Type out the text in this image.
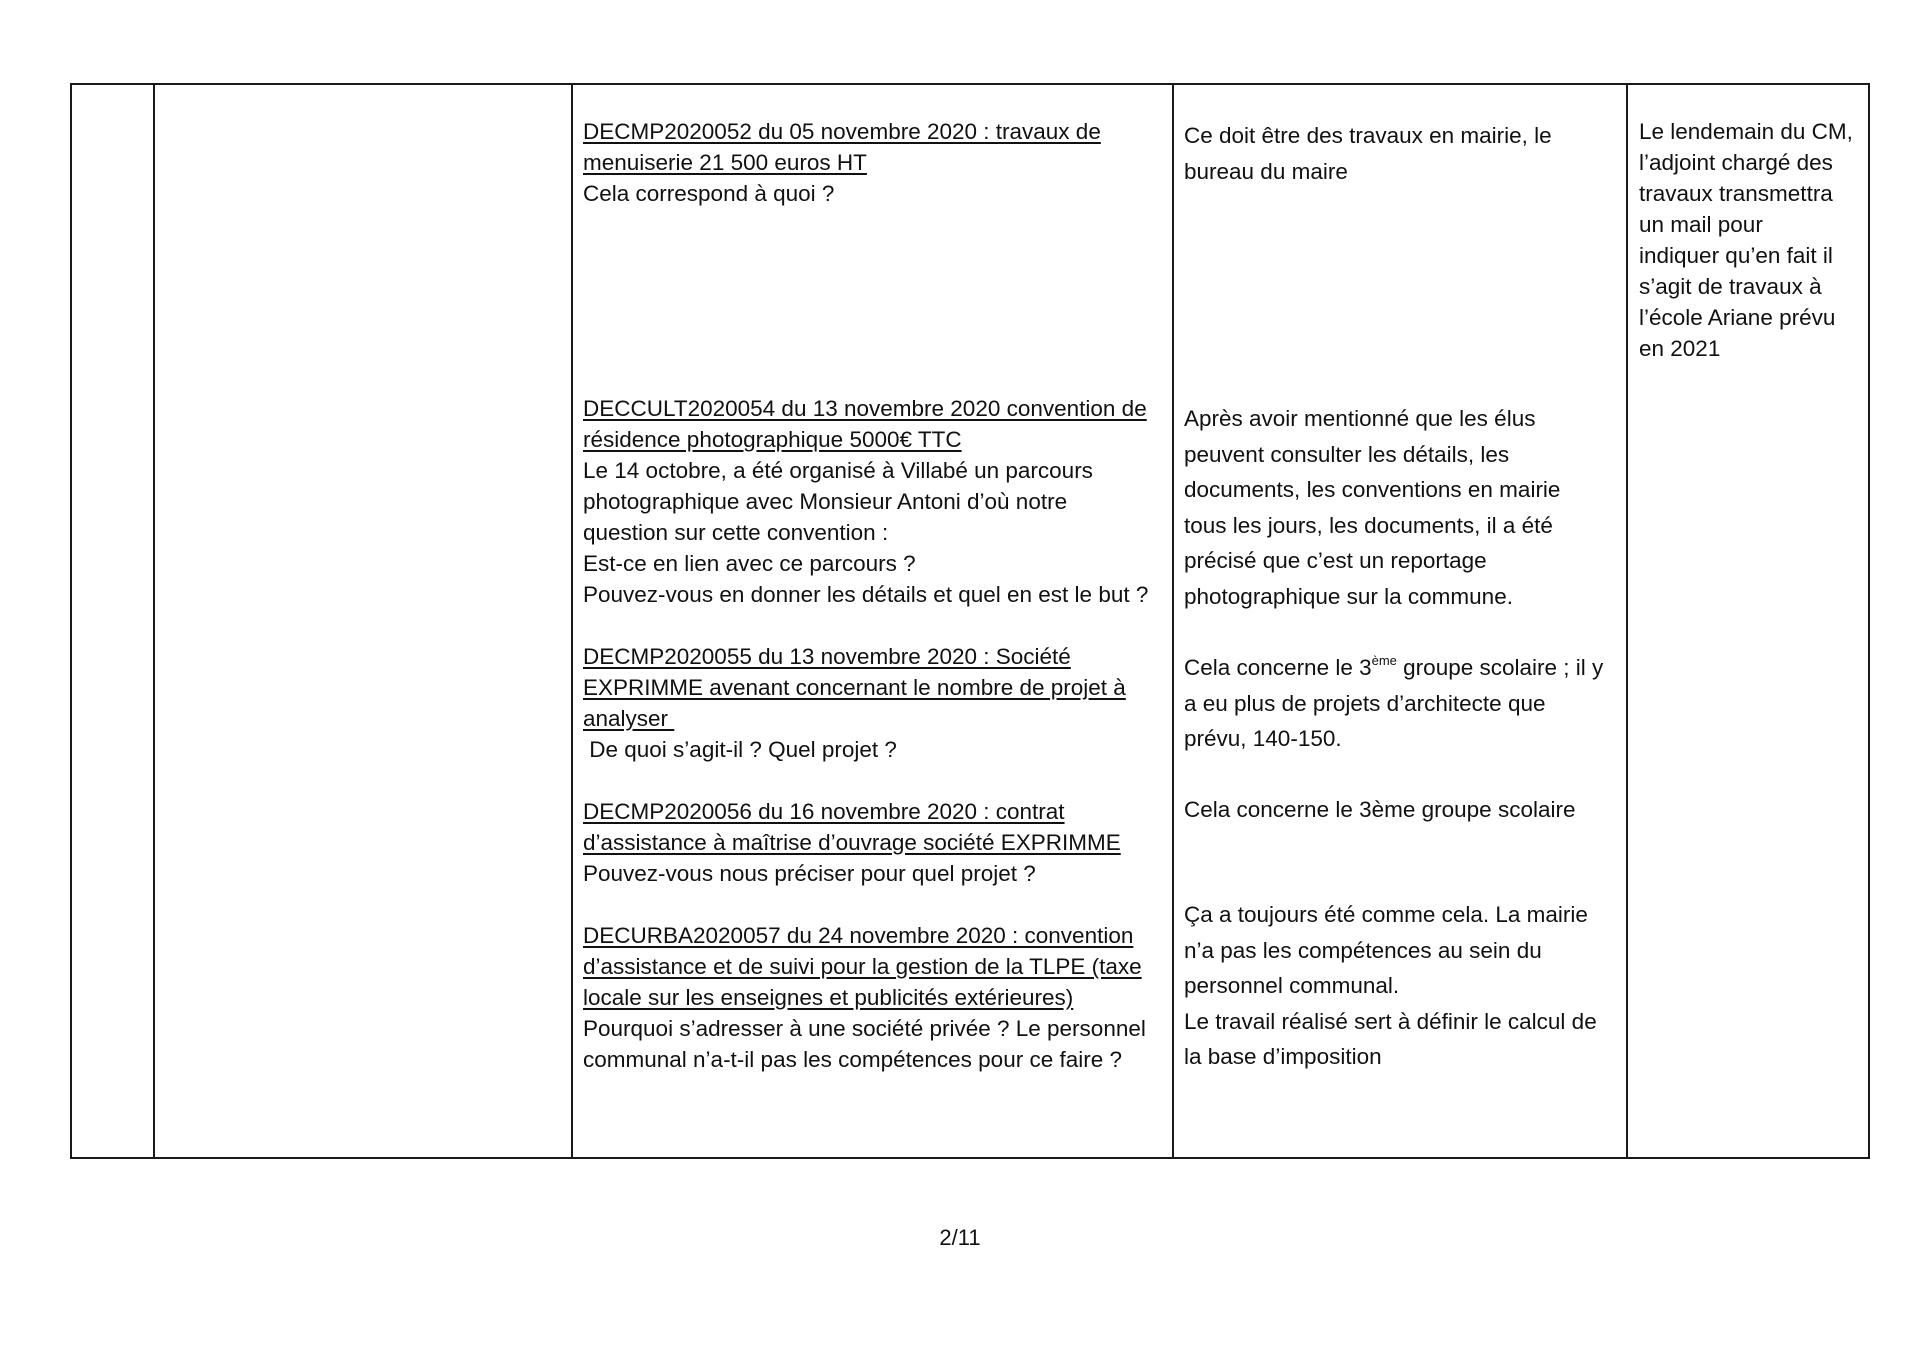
DECMP2020052 du 05 novembre 2020 : travaux de
menuiserie 21 500 euros HT
Cela correspond à quoi ?
DECCULT2020054 du 13 novembre 2020 convention de
résidence photographique 5000€ TTC
Le 14 octobre, a été organisé à Villabé un parcours
photographique avec Monsieur Antoni d’où notre
question sur cette convention :
Est-ce en lien avec ce parcours ?
Pouvez-vous en donner les détails et quel en est le but ?
DECMP2020055 du 13 novembre 2020 : Société
EXPRIMME avenant concernant le nombre de projet à
analyser
De quoi s’agit-il ? Quel projet ?
DECMP2020056 du 16 novembre 2020 : contrat
d’assistance à maîtrise d’ouvrage société EXPRIMME
Pouvez-vous nous préciser pour quel projet ?
DECURBA2020057 du 24 novembre 2020 : convention
d’assistance et de suivi pour la gestion de la TLPE (taxe
locale sur les enseignes et publicités extérieures)
Pourquoi s’adresser à une société privée ? Le personnel
communal n’a-t-il pas les compétences pour ce faire ?
Ce doit être des travaux en mairie, le
bureau du maire
Après avoir mentionné que les élus
peuvent consulter les détails, les
documents, les conventions en mairie
tous les jours, les documents, il a été
précisé que c’est un reportage
photographique sur la commune.
Cela concerne le 3ème groupe scolaire ; il y
a eu plus de projets d’architecte que
prévu, 140-150.
Cela concerne le 3ème groupe scolaire
Ça a toujours été comme cela. La mairie
n’a pas les compétences au sein du
personnel communal.
Le travail réalisé sert à définir le calcul de
la base d’imposition
Le lendemain du CM,
l’adjoint chargé des
travaux transmettra
un mail pour
indiquer qu’en fait il
s’agit de travaux à
l’école Ariane prévu
en 2021
2/11
